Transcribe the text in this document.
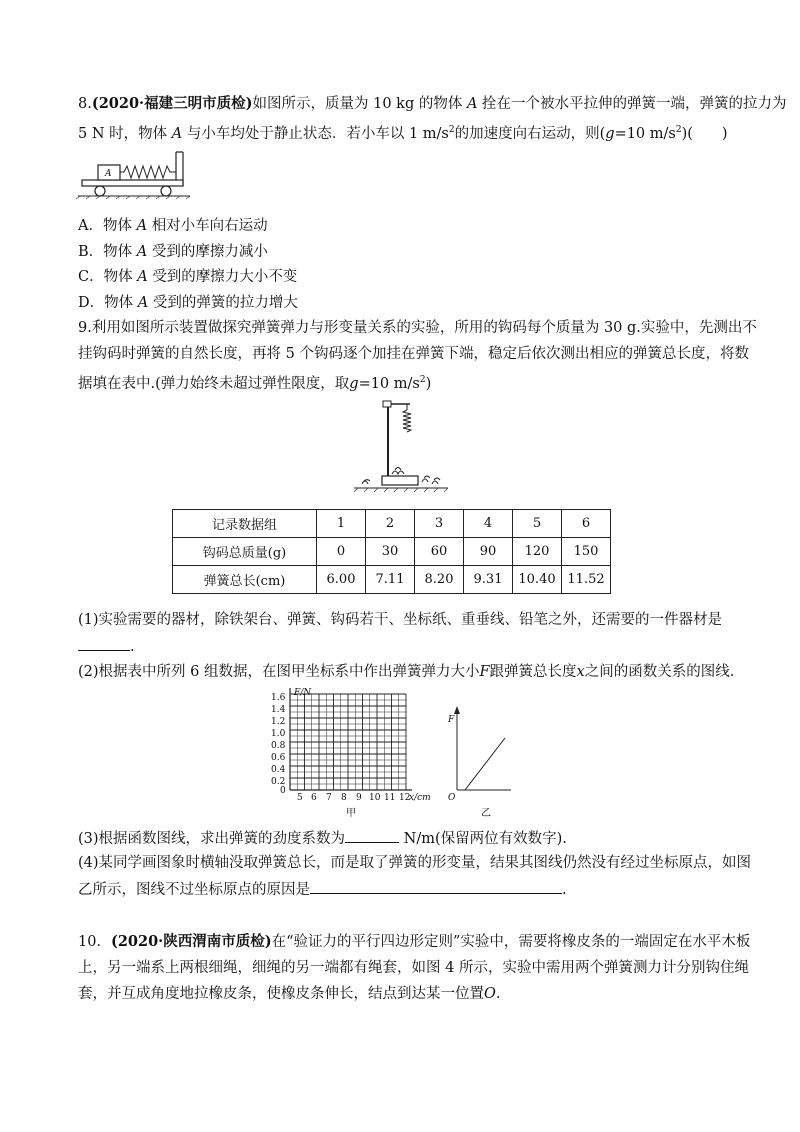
8.(2020·福建三明市质检)如图所示，质量为 10 kg 的物体 A 拴在一个被水平拉伸的弹簧一端，弹簧的拉力为
5 N 时，物体 A 与小车均处于静止状态．若小车以 1 $m/s^2$的加速度向右运动，则(g=10 $m/s^2$)(　　)
A
A．物体 A 相对小车向右运动
B．物体 A 受到的摩擦力减小
C．物体 A 受到的摩擦力大小不变
D．物体 A 受到的弹簧的拉力增大
9.利用如图所示装置做探究弹簧弹力与形变量关系的实验，所用的钩码每个质量为 30 g.实验中，先测出不
挂钩码时弹簧的自然长度，再将 5 个钩码逐个加挂在弹簧下端，稳定后依次测出相应的弹簧总长度，将数
据填在表中.(弹力始终未超过弹性限度，取g=10 $m/s^2$)
记录数据组	1	2	3	4	5	6
钩码总质量(g)	0	30	60	90	120	150
弹簧总长(cm)	6.00	7.11	8.20	9.31	10.40	11.52
(1)实验需要的器材，除铁架台、弹簧、钩码若干、坐标纸、重垂线、铅笔之外，还需要的一件器材是
.
(2)根据表中所列 6 组数据，在图甲坐标系中作出弹簧弹力大小F跟弹簧总长度x之间的函数关系的图线.
F/N
1.6
1.4
1.2
1.0
0.8
0.6
0.4
0.2
0
5 6 7 8 9 10 11 12
x/cm
甲
F
O
乙
(3)根据函数图线，求出弹簧的劲度系数为	N/m(保留两位有效数字).
(4)某同学画图象时横轴没取弹簧总长，而是取了弹簧的形变量，结果其图线仍然没有经过坐标原点，如图
乙所示，图线不过坐标原点的原因是	.
10．(2020·陕西渭南市质检)在“验证力的平行四边形定则”实验中，需要将橡皮条的一端固定在水平木板
上，另一端系上两根细绳，细绳的另一端都有绳套，如图 4 所示，实验中需用两个弹簧测力计分别钩住绳
套，并互成角度地拉橡皮条，使橡皮条伸长，结点到达某一位置O.
